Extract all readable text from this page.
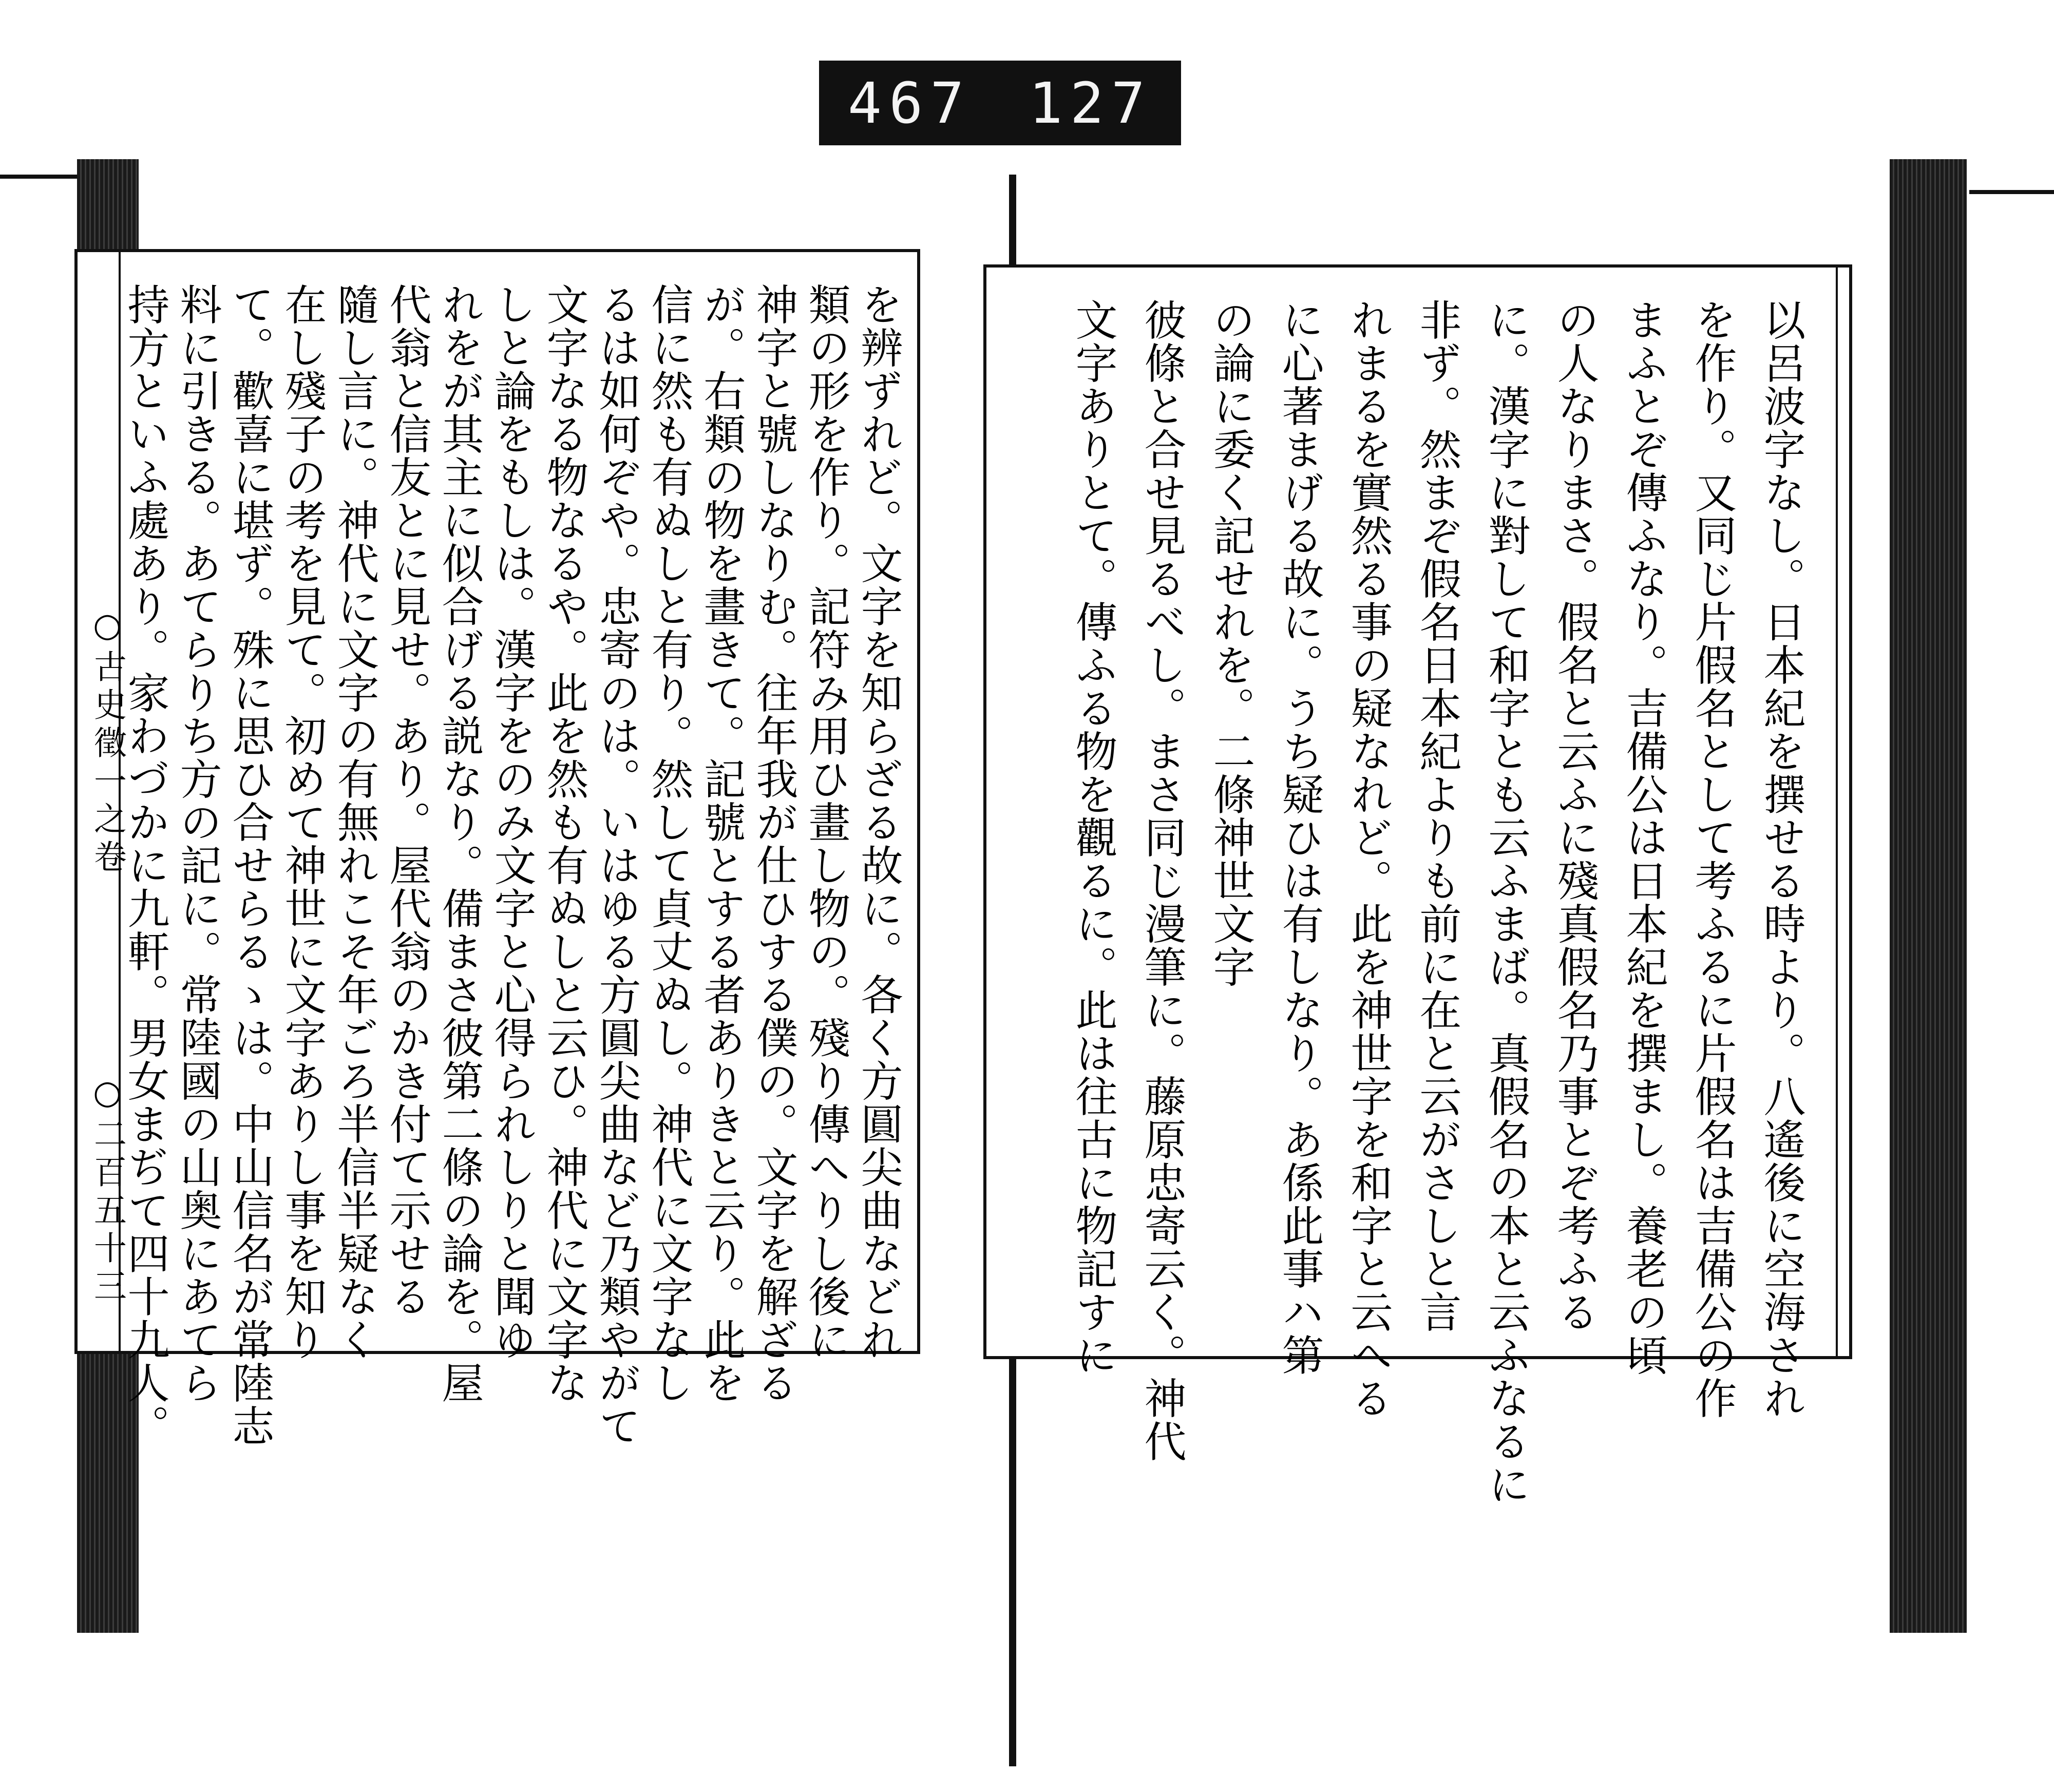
467 127
○古史徵一之卷
○二百五十三	を辨ずれど。文字を知らざる故に。各く方圓尖曲などれ
類の形を作り。記符み用ひ畫し物の。殘り傳へりし後に
神字と號しなりむ。往年我が仕ひする僕の。文字を解ざる
が。右類の物を畫きて。記號とする者ありきと云り。此を
信に然も有ぬしと有り。然して貞丈ぬし。神代に文字なし
るは如何ぞや。忠寄のは。いはゆる方圓尖曲など乃類やがて
文字なる物なるや。此を然も有ぬしと云ひ。神代に文字な
しと論をもしは。漢字をのみ文字と心得られしりと聞ゆ
れをが其主に似合げる説なり。備まさ彼第二條の論を。屋
代翁と信友とに見せ。あり。屋代翁のかき付て示せる
隨し言に。神代に文字の有無れこそ年ごろ半信半疑なく
在し殘子の考を見て。初めて神世に文字ありし事を知り
て。歡喜に堪ず。殊に思ひ合せらるゝは。中山信名が常陸志
料に引きる。あてらりち方の記に。常陸國の山奥にあてら
持方といふ處あり。家わづかに九軒。男女まぢて四十九人。	以呂波字なし。日本紀を撰せる時より。八遙後に空海され
を作り。又同じ片假名として考ふるに片假名は吉備公の作
まふとぞ傳ふなり。吉備公は日本紀を撰まし。養老の頃
の人なりまさ。假名と云ふに殘真假名乃事とぞ考ふる
に。漢字に對して和字とも云ふまば。真假名の本と云ふなるに
非ず。然まぞ假名日本紀よりも前に在と云がさしと言
れまるを實然る事の疑なれど。此を神世字を和字と云へる
に心著まげる故に。うち疑ひは有しなり。あ係此事ハ第
の論に委く記せれを。二條神世文字
彼條と合せ見るべし。まさ同じ漫筆に。藤原忠寄云く。神代
文字ありとて。傳ふる物を觀るに。此は往古に物記すに
